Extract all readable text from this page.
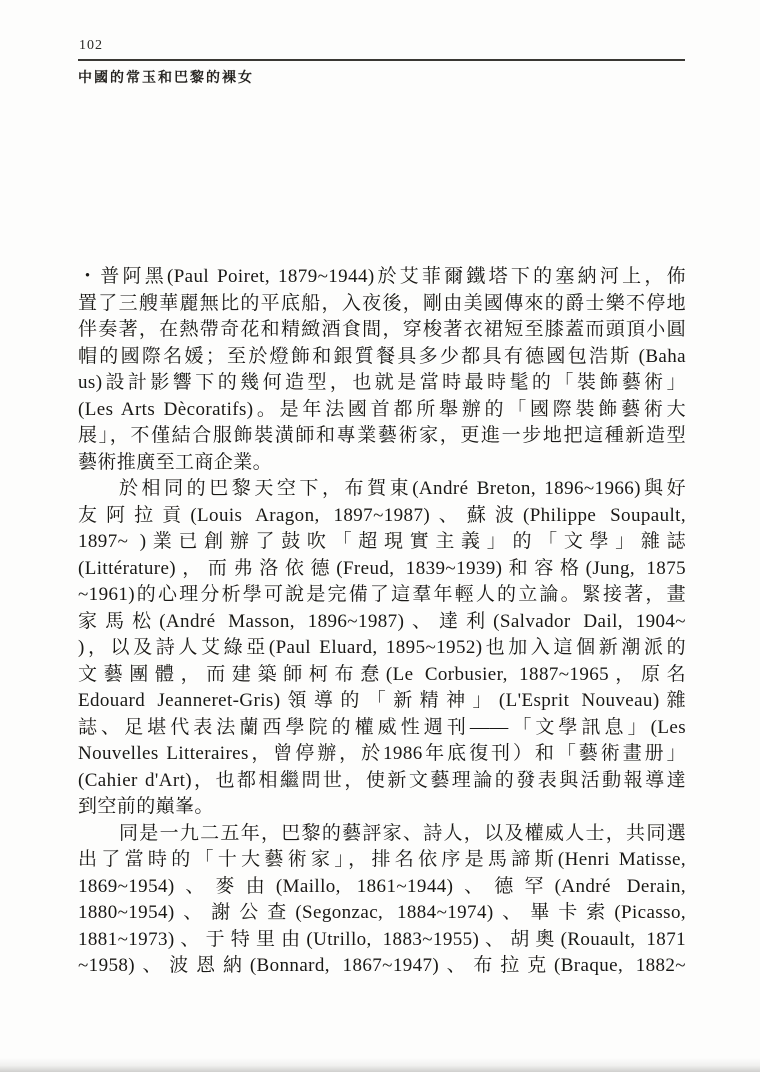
102
中國的常玉和巴黎的裸女
・普阿黑(Paul Poiret, 1879~1944)於艾菲爾鐵塔下的塞納河上，佈
置了三艘華麗無比的平底船，入夜後，剛由美國傳來的爵士樂不停地
伴奏著，在熱帶奇花和精緻酒食間，穿梭著衣裙短至膝蓋而頭頂小圓
帽的國際名媛；至於燈飾和銀質餐具多少都具有德國包浩斯 (Baha
us)設計影響下的幾何造型，也就是當時最時髦的「裝飾藝術」
(Les Arts Dècoratifs)。是年法國首都所舉辦的「國際裝飾藝術大
展」，不僅結合服飾裝潢師和專業藝術家，更進一步地把這種新造型
藝術推廣至工商企業。
於相同的巴黎天空下，布賀東(André Breton, 1896~1966)與好
友阿拉貢(Louis Aragon, 1897~1987)、蘇波(Philippe Soupault,
1897~ )業已創辦了鼓吹「超現實主義」的「文學」雜誌
(Littérature)，而弗洛依德(Freud, 1839~1939)和容格(Jung, 1875
~1961)的心理分析學可說是完備了這羣年輕人的立論。緊接著，畫
家馬松(André Masson, 1896~1987)、達利(Salvador Dail, 1904~
)，以及詩人艾綠亞(Paul Eluard, 1895~1952)也加入這個新潮派的
文藝團體，而建築師柯布惷(Le Corbusier, 1887~1965，原名
Edouard Jeanneret-Gris)領導的「新精神」(L'Esprit Nouveau)雜
誌、足堪代表法蘭西學院的權威性週刊——「文學訊息」(Les
Nouvelles Litteraires，曾停辦，於1986年底復刊）和「藝術畫册」
(Cahier d'Art)，也都相繼問世，使新文藝理論的發表與活動報導達
到空前的巔峯。
同是一九二五年，巴黎的藝評家、詩人，以及權威人士，共同選
出了當時的「十大藝術家」，排名依序是馬諦斯(Henri Matisse,
1869~1954)、麥由(Maillo, 1861~1944)、德罕(André Derain,
1880~1954)、謝公查(Segonzac, 1884~1974)、畢卡索(Picasso,
1881~1973)、于特里由(Utrillo, 1883~1955)、胡奧(Rouault, 1871
~1958)、波恩納(Bonnard, 1867~1947)、布拉克(Braque, 1882~
